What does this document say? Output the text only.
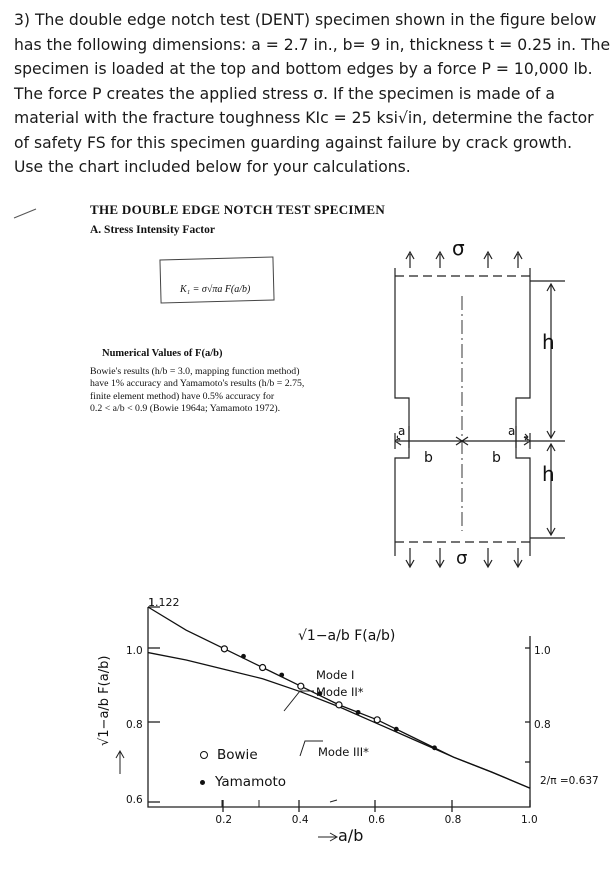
3) The double edge notch test (DENT) specimen shown in the figure below

has the following dimensions: a = 2.7 in., b= 9 in, thickness t = 0.25 in. The

specimen is loaded at the top and bottom edges by a force P = 10,000 lb.

The force P creates the applied stress σ. If the specimen is made of a

material with the fracture toughness KIc = 25 ksi√in, determine the factor

of safety FS for this specimen guarding against failure by crack growth.

Use the chart included below for your calculations.

THE DOUBLE EDGE NOTCH TEST SPECIMEN
A. Stress Intensity Factor
K₁ = σ√πa F(a/b)
Numerical Values of F(a/b)
Bowie's results (h/b = 3.0, mapping function method)
have 1% accuracy and Yamamoto's results (h/b = 2.75,
finite element method) have 0.5% accuracy for
0.2 < a/b < 0.9 (Bowie 1964a; Yamamoto 1972).
σ
σ
h
h
a	a
b	b
1.122
√1−a/b F(a/b)
Mode I
Mode II*
Mode III*
Bowie
Yamamoto	2/π =0.637
a/b
√1−a/b F(a/b)
0.2	0.4	0.6	0.8	1.0
1.0
0.8
0.6
1.0
0.8
